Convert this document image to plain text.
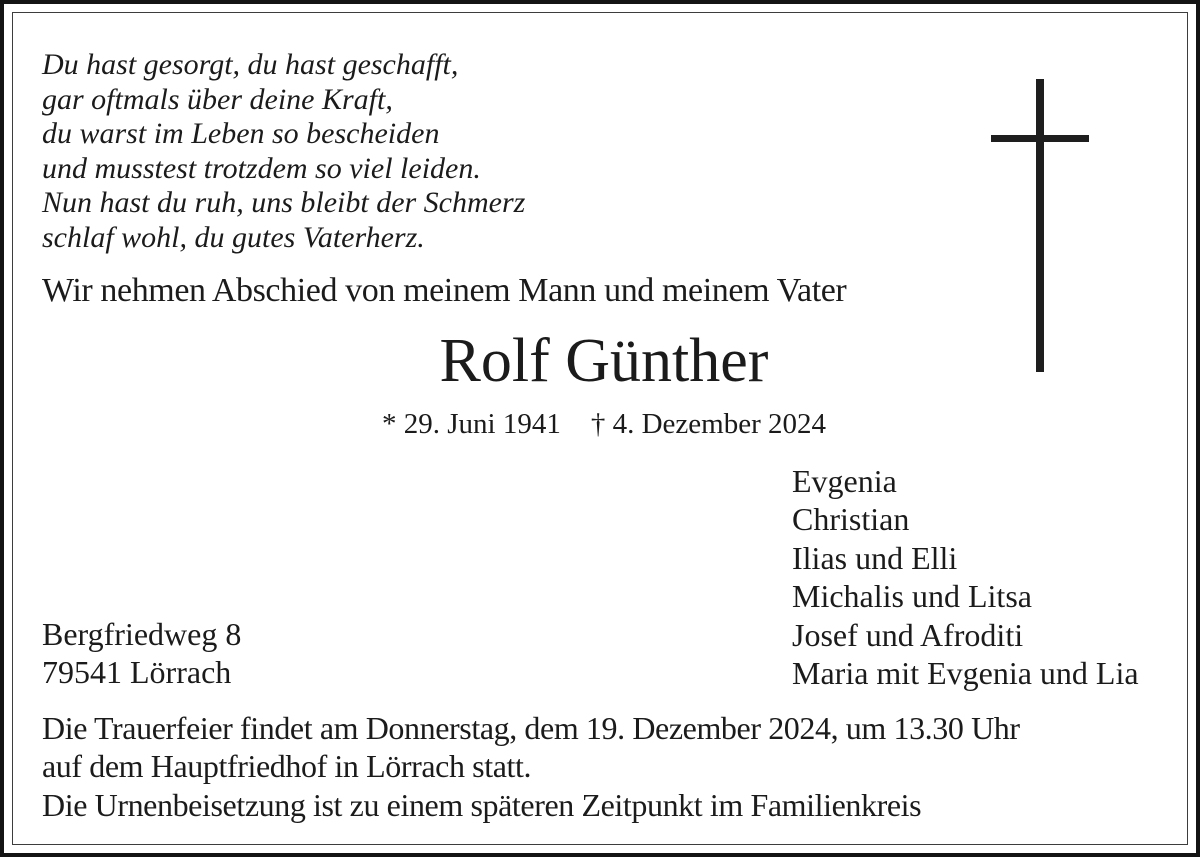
Du hast gesorgt, du hast geschafft,
gar oftmals über deine Kraft,
du warst im Leben so bescheiden
und musstest trotzdem so viel leiden.
Nun hast du ruh, uns bleibt der Schmerz
schlaf wohl, du gutes Vaterherz.
Wir nehmen Abschied von meinem Mann und meinem Vater
Rolf Günther
* 29. Juni 1941 † 4. Dezember 2024
Evgenia
Christian
Ilias und Elli
Michalis und Litsa
Josef und Afroditi
Maria mit Evgenia und Lia
Bergfriedweg 8
79541 Lörrach
Die Trauerfeier findet am Donnerstag, dem 19. Dezember 2024, um 13.30 Uhr
auf dem Hauptfriedhof in Lörrach statt.
Die Urnenbeisetzung ist zu einem späteren Zeitpunkt im Familienkreis
